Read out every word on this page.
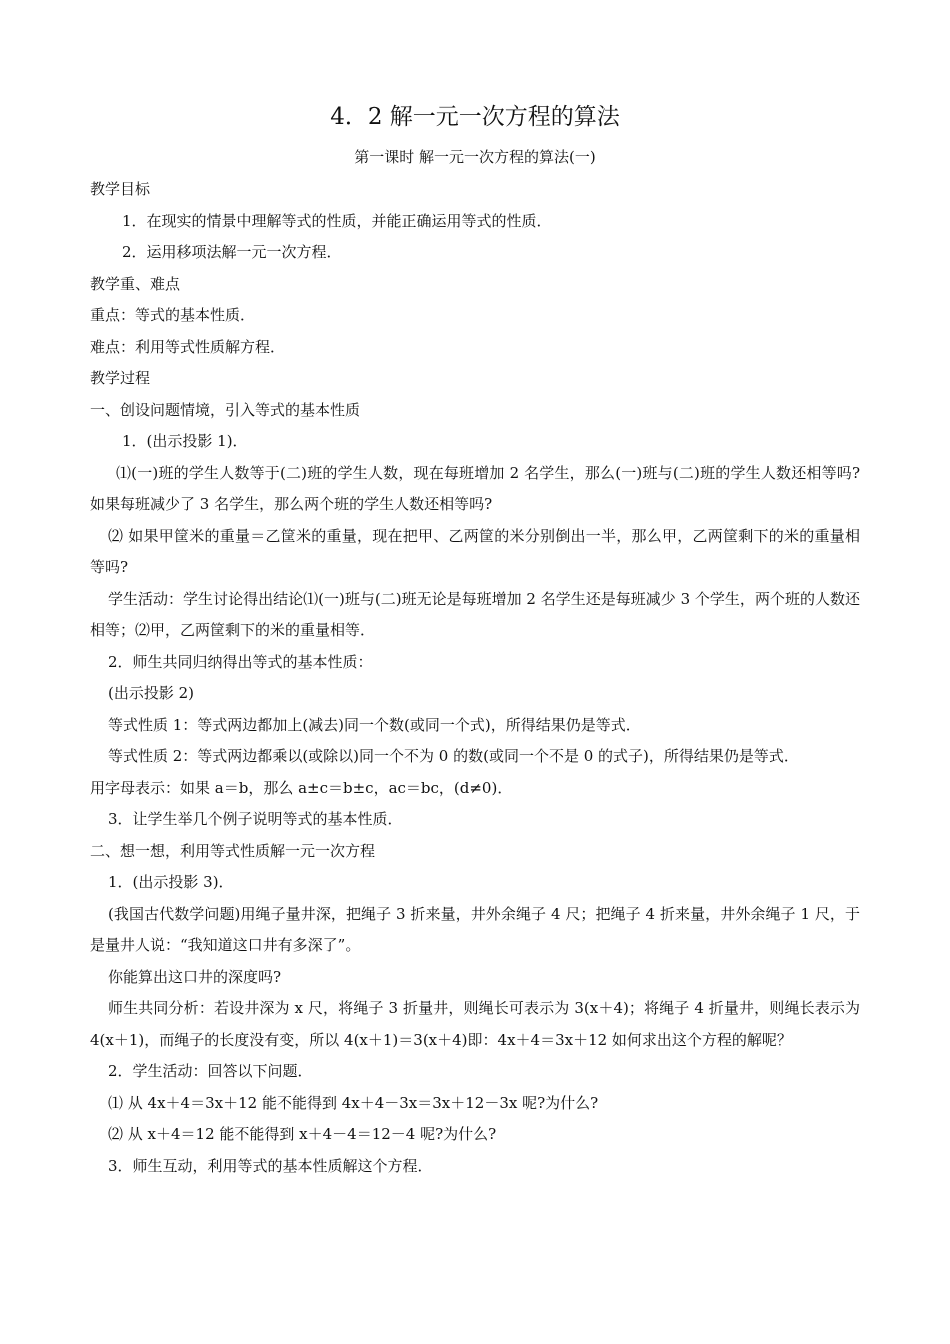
4．2 解一元一次方程的算法
第一课时 解一元一次方程的算法(一)

教学目标

1．在现实的情景中理解等式的性质，并能正确运用等式的性质．

2．运用移项法解一元一次方程．

教学重、难点

重点：等式的基本性质．

难点：利用等式性质解方程．

教学过程

一、创设问题情境，引入等式的基本性质

1．(出示投影 1)．

⑴(一)班的学生人数等于(二)班的学生人数，现在每班增加 2 名学生，那么(一)班与(二)班的学生人数还相等吗?如果每班减少了 3 名学生，那么两个班的学生人数还相等吗?

⑵ 如果甲筐米的重量＝乙筐米的重量，现在把甲、乙两筐的米分别倒出一半，那么甲，乙两筐剩下的米的重量相等吗?

学生活动：学生讨论得出结论⑴(一)班与(二)班无论是每班增加 2 名学生还是每班减少 3 个学生，两个班的人数还相等；⑵甲，乙两筐剩下的米的重量相等．

2．师生共同归纳得出等式的基本性质：

(出示投影 2)

等式性质 1：等式两边都加上(减去)同一个数(或同一个式)，所得结果仍是等式．

等式性质 2：等式两边都乘以(或除以)同一个不为 0 的数(或同一个不是 0 的式子)，所得结果仍是等式．

用字母表示：如果 a＝b，那么 a±c＝b±c，ac＝bc，(d≠0)．

3．让学生举几个例子说明等式的基本性质．

二、想一想，利用等式性质解一元一次方程

1．(出示投影 3)．

(我国古代数学问题)用绳子量井深，把绳子 3 折来量，井外余绳子 4 尺；把绳子 4 折来量，井外余绳子 1 尺，于是量井人说：“我知道这口井有多深了”。

你能算出这口井的深度吗?

师生共同分析：若设井深为 x 尺，将绳子 3 折量井，则绳长可表示为 3(x＋4)；将绳子 4 折量井，则绳长表示为 4(x＋1)，而绳子的长度没有变，所以 4(x＋1)＝3(x＋4)即：4x＋4＝3x＋12 如何求出这个方程的解呢？

2．学生活动：回答以下问题．

⑴ 从 4x＋4＝3x＋12 能不能得到 4x＋4－3x＝3x＋12－3x 呢?为什么?

⑵ 从 x＋4＝12 能不能得到 x＋4－4＝12－4 呢?为什么?

3．师生互动，利用等式的基本性质解这个方程．
